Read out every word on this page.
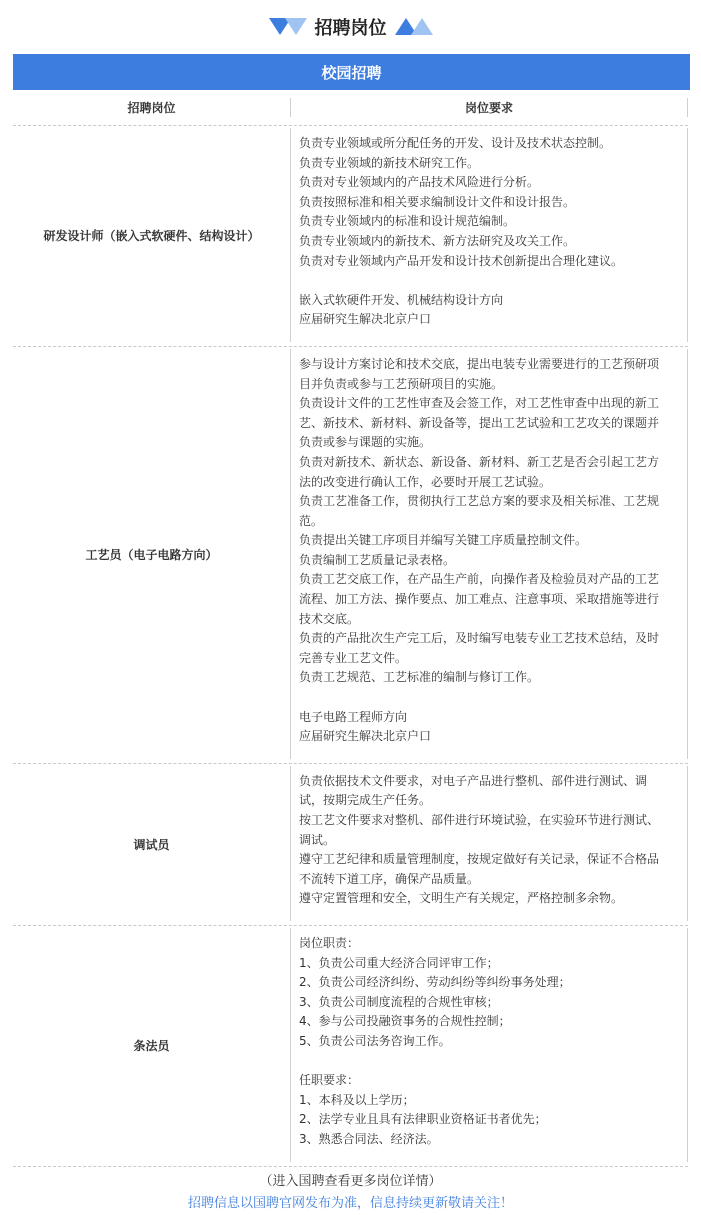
招聘岗位
校园招聘
招聘岗位	岗位要求
研发设计师（嵌入式软硬件、结构设计）
负责专业领域或所分配任务的开发、设计及技术状态控制。
负责专业领域的新技术研究工作。
负责对专业领域内的产品技术风险进行分析。
负责按照标准和相关要求编制设计文件和设计报告。
负责专业领域内的标准和设计规范编制。
负责专业领域内的新技术、新方法研究及攻关工作。
负责对专业领域内产品开发和设计技术创新提出合理化建议。
嵌入式软硬件开发、机械结构设计方向
应届研究生解决北京户口
工艺员（电子电路方向）
参与设计方案讨论和技术交底，提出电装专业需要进行的工艺预研项
目并负责或参与工艺预研项目的实施。
负责设计文件的工艺性审查及会签工作，对工艺性审查中出现的新工
艺、新技术、新材料、新设备等，提出工艺试验和工艺攻关的课题并
负责或参与课题的实施。
负责对新技术、新状态、新设备、新材料、新工艺是否会引起工艺方
法的改变进行确认工作，必要时开展工艺试验。
负责工艺准备工作，贯彻执行工艺总方案的要求及相关标准、工艺规
范。
负责提出关键工序项目并编写关键工序质量控制文件。
负责编制工艺质量记录表格。
负责工艺交底工作，在产品生产前，向操作者及检验员对产品的工艺
流程、加工方法、操作要点、加工难点、注意事项、采取措施等进行
技术交底。
负责的产品批次生产完工后，及时编写电装专业工艺技术总结，及时
完善专业工艺文件。
负责工艺规范、工艺标准的编制与修订工作。
电子电路工程师方向
应届研究生解决北京户口
调试员
负责依据技术文件要求，对电子产品进行整机、部件进行测试、调
试，按期完成生产任务。
按工艺文件要求对整机、部件进行环境试验，在实验环节进行测试、
调试。
遵守工艺纪律和质量管理制度，按规定做好有关记录，保证不合格品
不流转下道工序，确保产品质量。
遵守定置管理和安全，文明生产有关规定，严格控制多余物。
条法员
岗位职责：
1、负责公司重大经济合同评审工作；
2、负责公司经济纠纷、劳动纠纷等纠纷事务处理；
3、负责公司制度流程的合规性审核；
4、参与公司投融资事务的合规性控制；
5、负责公司法务咨询工作。
任职要求：
1、本科及以上学历；
2、法学专业且具有法律职业资格证书者优先；
3、熟悉合同法、经济法。
（进入国聘查看更多岗位详情）
招聘信息以国聘官网发布为准，信息持续更新敬请关注！
